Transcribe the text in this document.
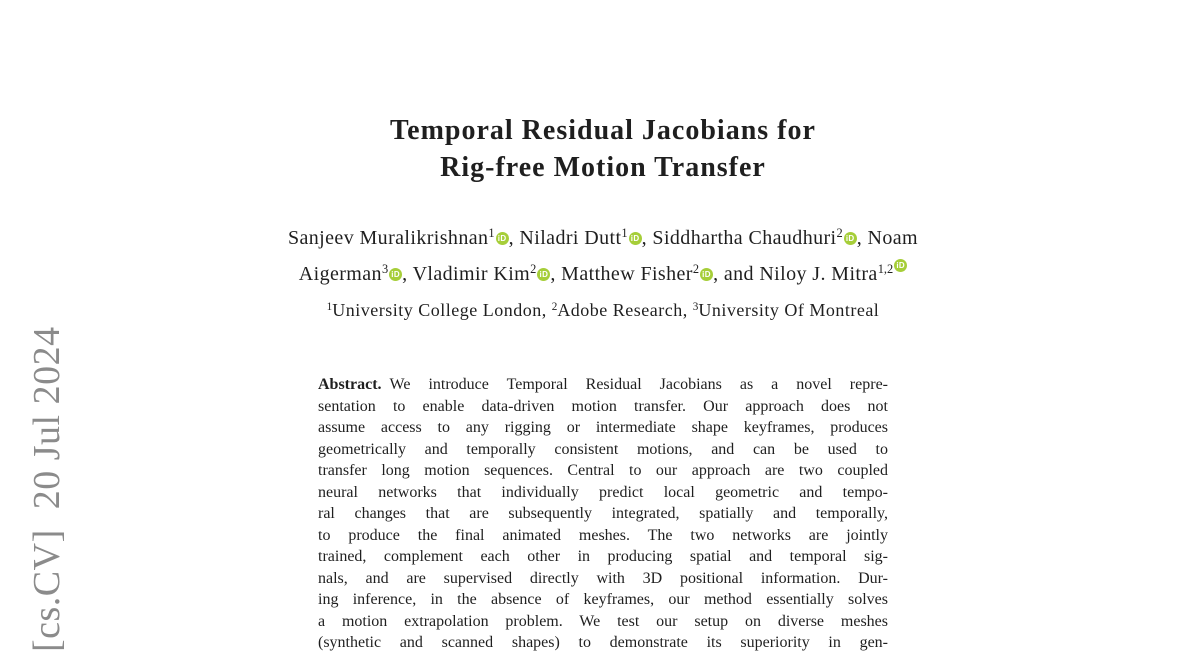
[cs.CV]  20 Jul 2024
Temporal Residual Jacobians for
Rig-free Motion Transfer
Sanjeev Muralikrishnan$^1$ iD , Niladri Dutt$^1$ iD , Siddhartha Chaudhuri$^2$ iD , Noam
Aigerman$^3$ iD , Vladimir Kim$^2$ iD , Matthew Fisher$^2$ iD , and Niloy J. Mitra$^{1,2}$ iD
$^1$University College London, $^2$Adobe Research, $^3$University Of Montreal
Abstract. We introduce Temporal Residual Jacobians as a novel repre-
sentation to enable data-driven motion transfer. Our approach does not
assume access to any rigging or intermediate shape keyframes, produces
geometrically and temporally consistent motions, and can be used to
transfer long motion sequences. Central to our approach are two coupled
neural networks that individually predict local geometric and tempo-
ral changes that are subsequently integrated, spatially and temporally,
to produce the final animated meshes. The two networks are jointly
trained, complement each other in producing spatial and temporal sig-
nals, and are supervised directly with 3D positional information. Dur-
ing inference, in the absence of keyframes, our method essentially solves
a motion extrapolation problem. We test our setup on diverse meshes
(synthetic and scanned shapes) to demonstrate its superiority in gen-
